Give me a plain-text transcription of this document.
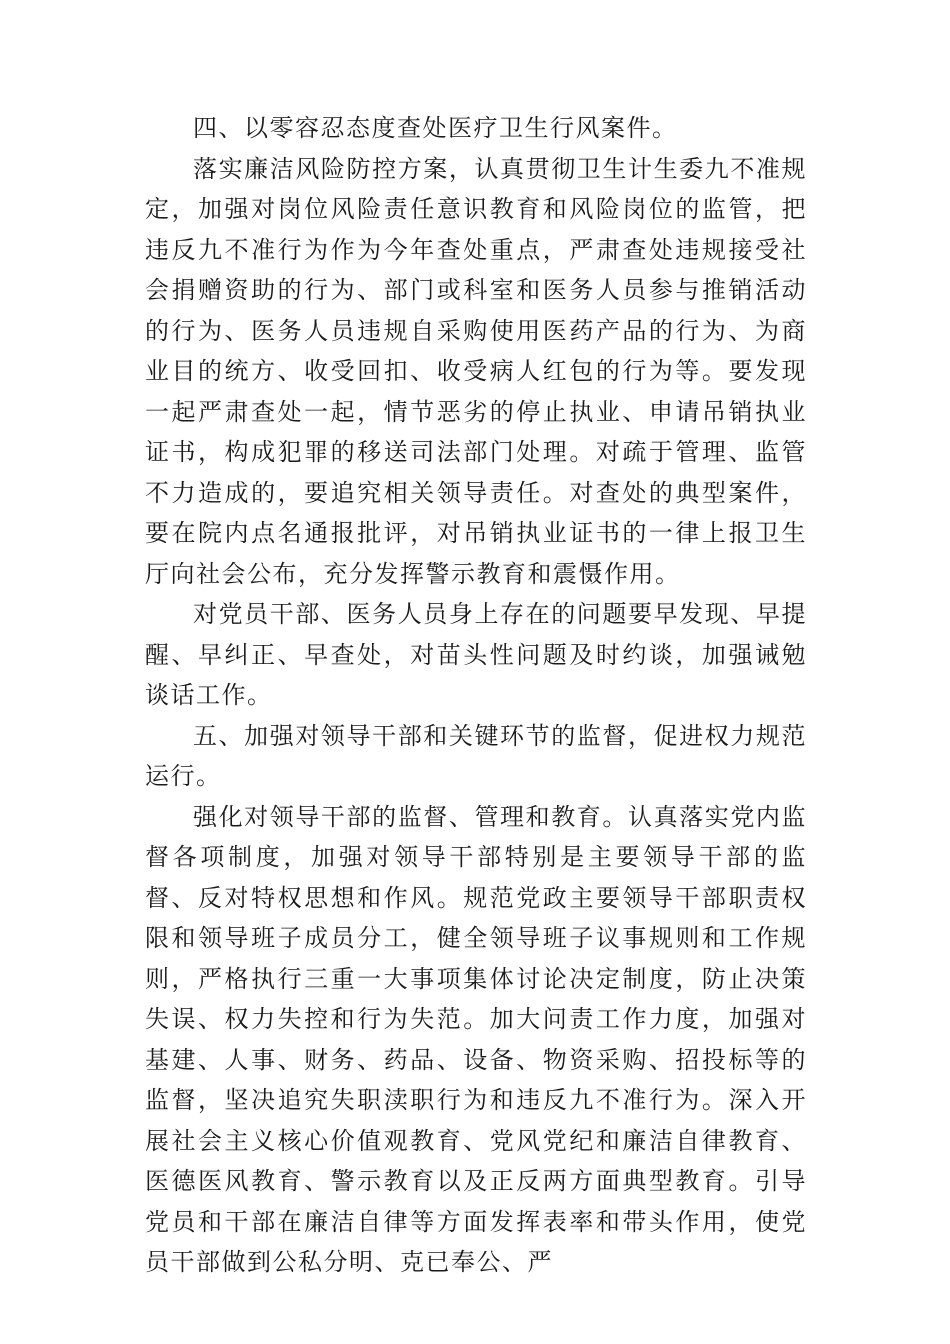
四、以零容忍态度查处医疗卫生行风案件。

落实廉洁风险防控方案，认真贯彻卫生计生委九不准规定，加强对岗位风险责任意识教育和风险岗位的监管，把违反九不准行为作为今年查处重点，严肃查处违规接受社会捐赠资助的行为、部门或科室和医务人员参与推销活动的行为、医务人员违规自采购使用医药产品的行为、为商业目的统方、收受回扣、收受病人红包的行为等。要发现一起严肃查处一起，情节恶劣的停止执业、申请吊销执业证书，构成犯罪的移送司法部门处理。对疏于管理、监管不力造成的，要追究相关领导责任。对查处的典型案件，要在院内点名通报批评，对吊销执业证书的一律上报卫生厅向社会公布，充分发挥警示教育和震慑作用。

对党员干部、医务人员身上存在的问题要早发现、早提醒、早纠正、早查处，对苗头性问题及时约谈，加强诫勉谈话工作。

五、加强对领导干部和关键环节的监督，促进权力规范运行。

强化对领导干部的监督、管理和教育。认真落实党内监督各项制度，加强对领导干部特别是主要领导干部的监督、反对特权思想和作风。规范党政主要领导干部职责权限和领导班子成员分工，健全领导班子议事规则和工作规则，严格执行三重一大事项集体讨论决定制度，防止决策失误、权力失控和行为失范。加大问责工作力度，加强对基建、人事、财务、药品、设备、物资采购、招投标等的监督，坚决追究失职渎职行为和违反九不准行为。深入开展社会主义核心价值观教育、党风党纪和廉洁自律教育、医德医风教育、警示教育以及正反两方面典型教育。引导党员和干部在廉洁自律等方面发挥表率和带头作用，使党员干部做到公私分明、克已奉公、严
